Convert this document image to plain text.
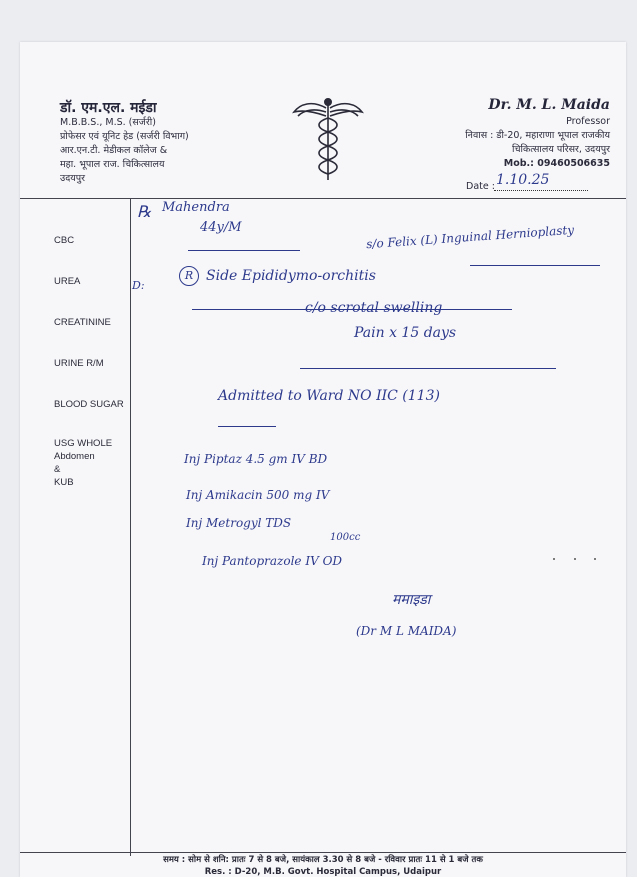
डॉ. एम.एल. मईडा
M.B.B.S., M.S. (सर्जरी)
प्रोफेसर एवं यूनिट हेड (सर्जरी विभाग)
आर.एन.टी. मेडीकल कॉलेज &
महा. भूपाल राज. चिकित्सालय
उदयपुर
Dr. M. L. Maida
Professor
निवास : डी-20, महाराणा भूपाल राजकीय
चिकित्सालय परिसर, उदयपुर
Mob.: 09460506635
Date : 1.10.25
CBC
UREA
CREATININE
URINE R/M
BLOOD SUGAR
USG WHOLE
Abdomen
&
KUB
℞ Mahendra
44y/M	s/o Felix (L) Inguinal Hernioplasty
D:
R Side Epididymo-orchitis
c/o scrotal swelling
Pain x 15 days
Admitted to Ward NO IIC (113)
Inj Piptaz 4.5 gm IV BD
Inj Amikacin 500 mg IV
Inj Metrogyl TDS
100cc
Inj Pantoprazole IV OD
ममाइडा
(Dr M L MAIDA)
समय : सोम से शनि: प्रातः 7 से 8 बजे, सायंकाल 3.30 से 8 बजे - रविवार प्रातः 11 से 1 बजे तक
Res. : D-20, M.B. Govt. Hospital Campus, Udaipur
